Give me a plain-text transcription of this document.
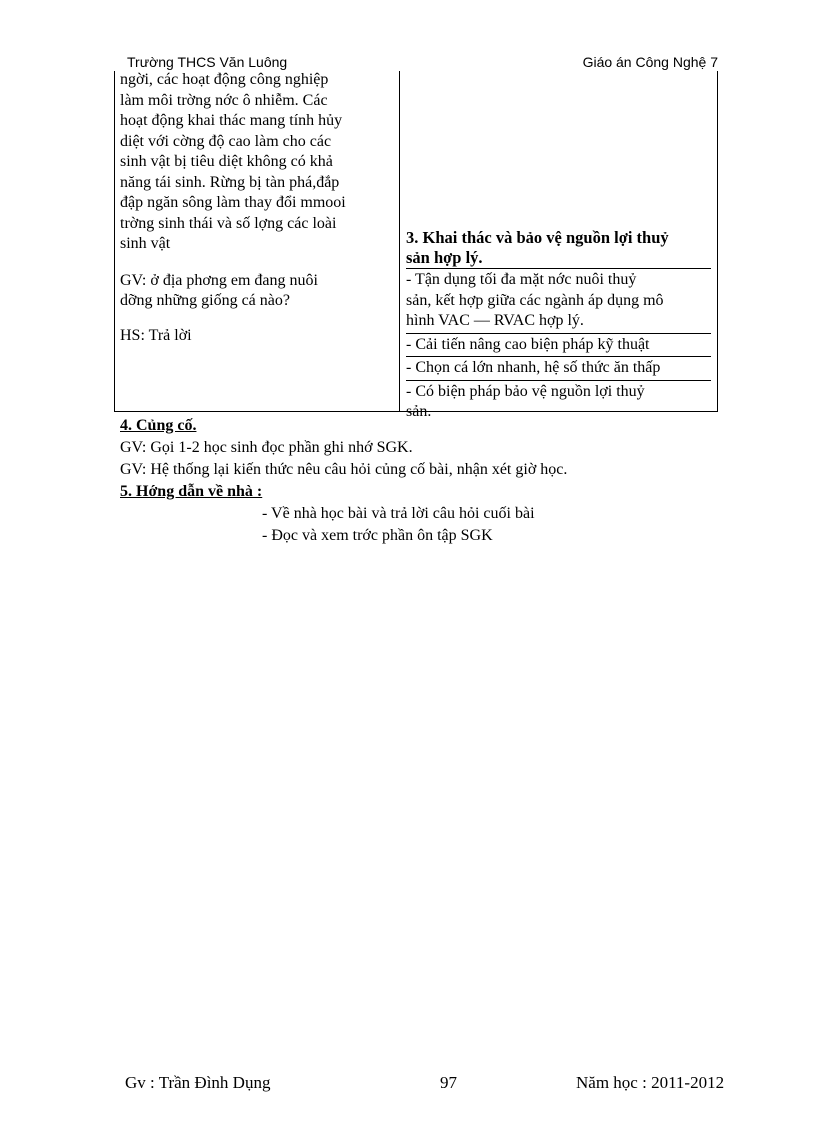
Trường THCS Văn Luông	Giáo án Công Nghệ 7
ngời, các hoạt động công nghiệp
làm môi trờng nớc ô nhiễm. Các
hoạt động khai thác mang tính hủy
diệt với cờng độ cao làm cho các
sinh vật bị tiêu diệt không có khả
năng tái sinh. Rừng bị tàn phá,đắp
đập ngăn sông làm thay đổi mmooi
trờng sinh thái và số lợng các loài
sinh vật
GV: ở địa phơng em đang nuôi
dỡng những giống cá nào?
HS: Trả lời
3. Khai thác và bảo vệ nguồn lợi thuỷ
sản hợp lý.
- Tận dụng tối đa mặt nớc nuôi thuỷ
sản, kết hợp giữa các ngành áp dụng mô
hình VAC — RVAC hợp lý.
- Cải tiến nâng cao biện pháp kỹ thuật
- Chọn cá lớn nhanh, hệ số thức ăn thấp
- Có biện pháp bảo vệ nguồn lợi thuỷ
sản.
4. Củng cố.
GV: Gọi 1-2 học sinh đọc phần ghi nhớ SGK.
GV: Hệ thống lại kiến thức nêu câu hỏi củng cố bài, nhận xét giờ học.
5. Hớng dẫn về nhà :
- Về nhà học bài và trả lời câu hỏi cuối bài
- Đọc và xem trớc phần ôn tập SGK
Gv : Trần Đình Dụng	97	Năm học : 2011-2012
